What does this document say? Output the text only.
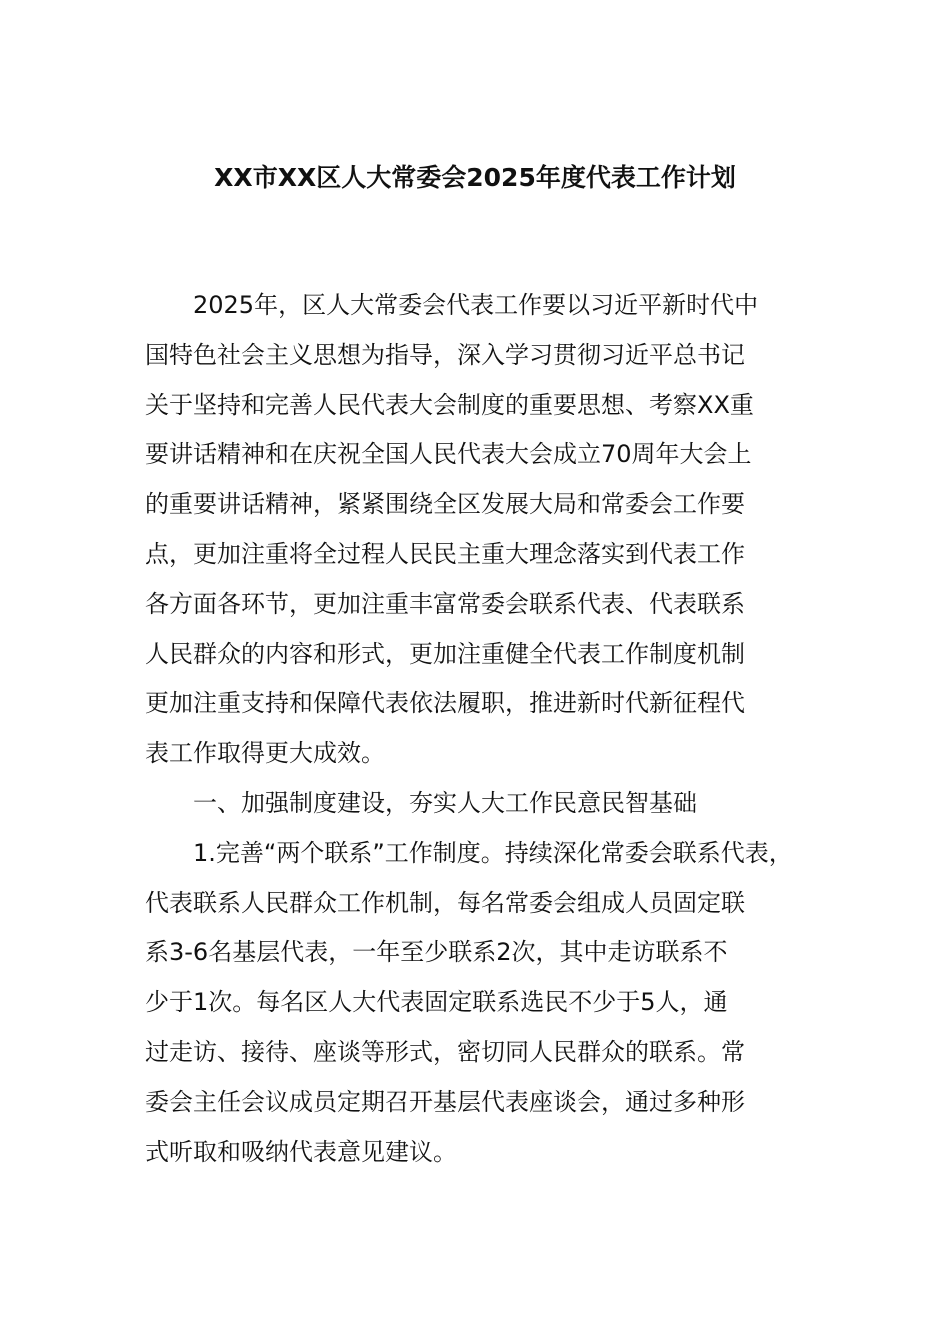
XX市XX区人大常委会2025年度代表工作计划
2025年，区人大常委会代表工作要以习近平新时代中
国特色社会主义思想为指导，深入学习贯彻习近平总书记
关于坚持和完善人民代表大会制度的重要思想、考察XX重
要讲话精神和在庆祝全国人民代表大会成立70周年大会上
的重要讲话精神，紧紧围绕全区发展大局和常委会工作要
点，更加注重将全过程人民民主重大理念落实到代表工作
各方面各环节，更加注重丰富常委会联系代表、代表联系
人民群众的内容和形式，更加注重健全代表工作制度机制
更加注重支持和保障代表依法履职，推进新时代新征程代
表工作取得更大成效。
一、加强制度建设，夯实人大工作民意民智基础
1.完善“两个联系”工作制度。持续深化常委会联系代表，
代表联系人民群众工作机制，每名常委会组成人员固定联
系3-6名基层代表，一年至少联系2次，其中走访联系不
少于1次。每名区人大代表固定联系选民不少于5人，通
过走访、接待、座谈等形式，密切同人民群众的联系。常
委会主任会议成员定期召开基层代表座谈会，通过多种形
式听取和吸纳代表意见建议。
